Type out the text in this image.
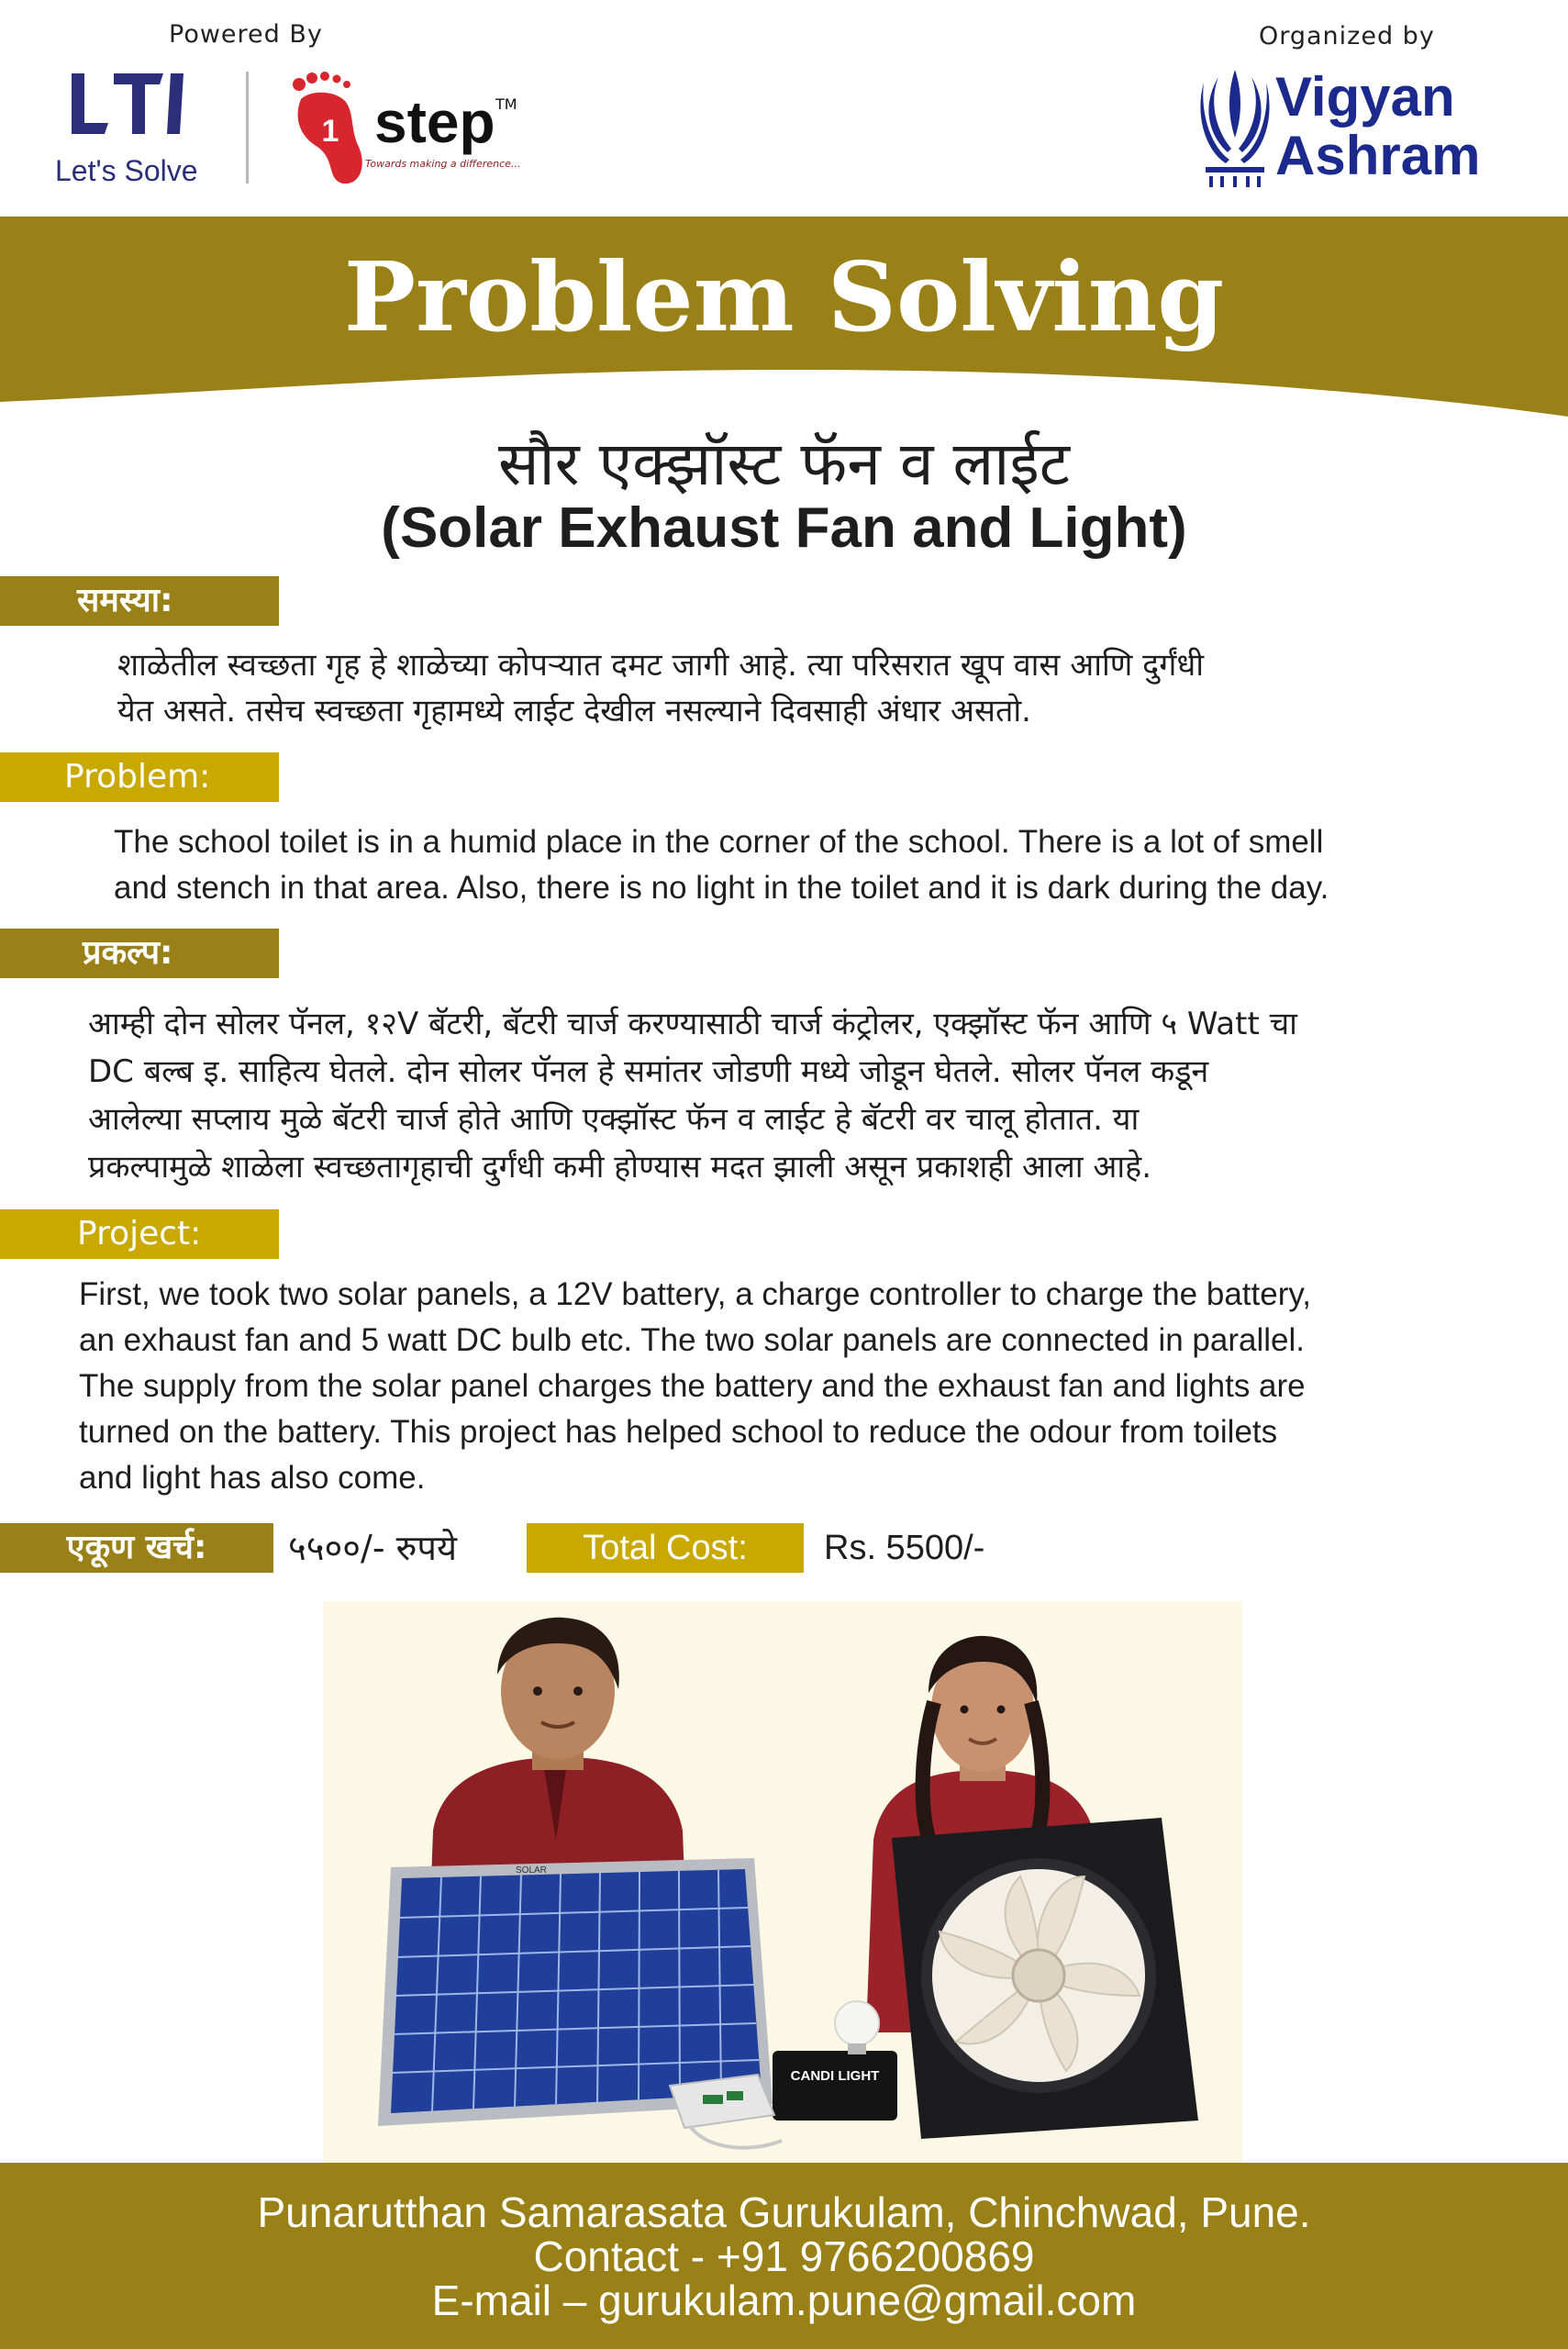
Powered By	Organized by
Let's Solve
1 step TM
Towards making a difference...
Vigyan
Ashram
Problem Solving
सौर एक्झॉस्ट फॅन व लाईट
(Solar Exhaust Fan and Light)
समस्या:
शाळेतील स्वच्छता गृह हे शाळेच्या कोपऱ्यात दमट जागी आहे. त्या परिसरात खूप वास आणि दुर्गंधी
येत असते. तसेच स्वच्छता गृहामध्ये लाईट देखील नसल्याने दिवसाही अंधार असतो.
Problem:
The school toilet is in a humid place in the corner of the school. There is a lot of smell
and stench in that area. Also, there is no light in the toilet and it is dark during the day.
प्रकल्प:
आम्ही दोन सोलर पॅनल, १२V बॅटरी, बॅटरी चार्ज करण्यासाठी चार्ज कंट्रोलर, एक्झॉस्ट फॅन आणि ५ Watt चा
DC बल्ब इ. साहित्य घेतले. दोन सोलर पॅनल हे समांतर जोडणी मध्ये जोडून घेतले. सोलर पॅनल कडून
आलेल्या सप्लाय मुळे बॅटरी चार्ज होते आणि एक्झॉस्ट फॅन व लाईट हे बॅटरी वर चालू होतात. या
प्रकल्पामुळे शाळेला स्वच्छतागृहाची दुर्गंधी कमी होण्यास मदत झाली असून प्रकाशही आला आहे.
Project:
First, we took two solar panels, a 12V battery, a charge controller to charge the battery,
an exhaust fan and 5 watt DC bulb etc. The two solar panels are connected in parallel.
The supply from the solar panel charges the battery and the exhaust fan and lights are
turned on the battery. This project has helped school to reduce the odour from toilets
and light has also come.
एकूण खर्च:	५५००/- रुपये	Total Cost:	Rs. 5500/-
SOLAR
CANDI LIGHT
Punarutthan Samarasata Gurukulam, Chinchwad, Pune.
Contact - +91 9766200869
E-mail – gurukulam.pune@gmail.com
